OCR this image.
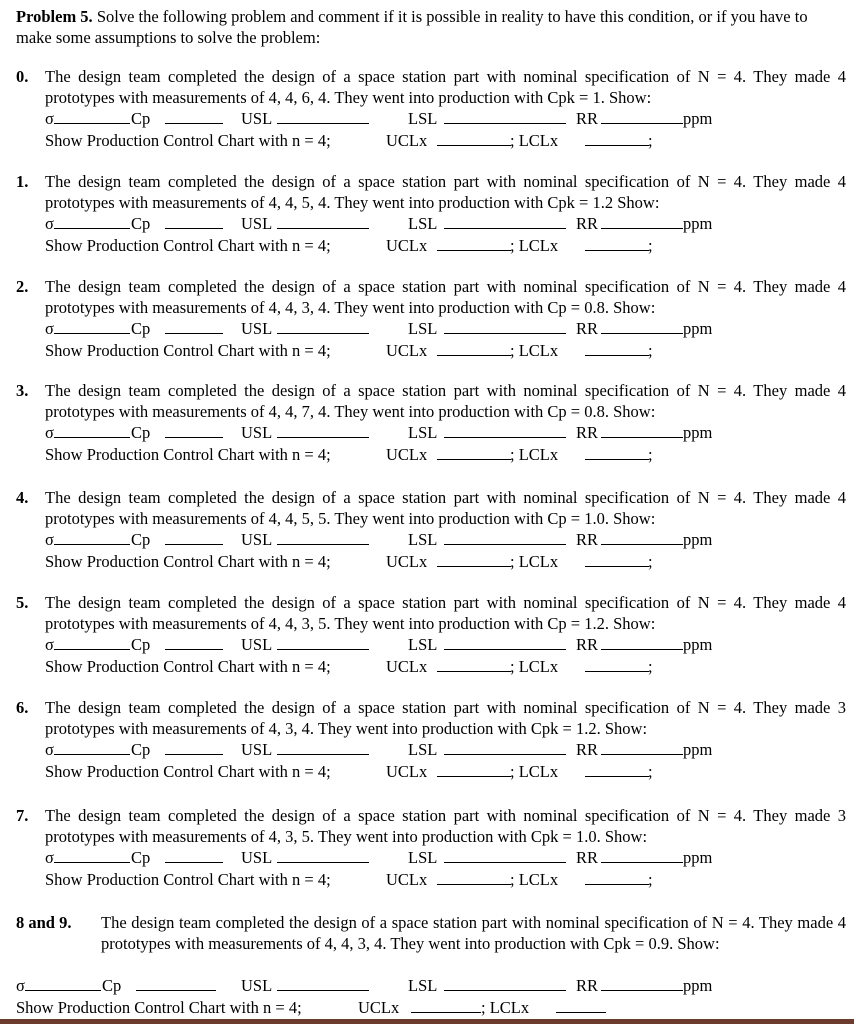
Problem 5. Solve the following problem and comment if it is possible in reality to have this condition, or if you have to make some assumptions to solve the problem:
0. The design team completed the design of a space station part with nominal specification of N = 4. They made 4 prototypes with measurements of 4, 4, 6, 4. They went into production with Cpk = 1. Show:
σ	Cp	USL	LSL	RR	ppm
Show Production Control Chart with n = 4;	UCLx	; LCLx	;
1. The design team completed the design of a space station part with nominal specification of N = 4. They made 4 prototypes with measurements of 4, 4, 5, 4. They went into production with Cpk = 1.2 Show:
σ	Cp	USL	LSL	RR	ppm
Show Production Control Chart with n = 4;	UCLx	; LCLx	;
2. The design team completed the design of a space station part with nominal specification of N = 4. They made 4 prototypes with measurements of 4, 4, 3, 4. They went into production with Cp = 0.8. Show:
σ	Cp	USL	LSL	RR	ppm
Show Production Control Chart with n = 4;	UCLx	; LCLx	;
3. The design team completed the design of a space station part with nominal specification of N = 4. They made 4 prototypes with measurements of 4, 4, 7, 4. They went into production with Cp = 0.8. Show:
σ	Cp	USL	LSL	RR	ppm
Show Production Control Chart with n = 4;	UCLx	; LCLx	;
4. The design team completed the design of a space station part with nominal specification of N = 4. They made 4 prototypes with measurements of 4, 4, 5, 5. They went into production with Cp = 1.0. Show:
σ	Cp	USL	LSL	RR	ppm
Show Production Control Chart with n = 4;	UCLx	; LCLx	;
5. The design team completed the design of a space station part with nominal specification of N = 4. They made 4 prototypes with measurements of 4, 4, 3, 5. They went into production with Cp = 1.2. Show:
σ	Cp	USL	LSL	RR	ppm
Show Production Control Chart with n = 4;	UCLx	; LCLx	;
6. The design team completed the design of a space station part with nominal specification of N = 4. They made 3 prototypes with measurements of 4, 3, 4. They went into production with Cpk = 1.2. Show:
σ	Cp	USL	LSL	RR	ppm
Show Production Control Chart with n = 4;	UCLx	; LCLx	;
7. The design team completed the design of a space station part with nominal specification of N = 4. They made 3 prototypes with measurements of 4, 3, 5. They went into production with Cpk = 1.0. Show:
σ	Cp	USL	LSL	RR	ppm
Show Production Control Chart with n = 4;	UCLx	; LCLx	;
8 and 9. The design team completed the design of a space station part with nominal specification of N = 4. They made 4 prototypes with measurements of 4, 4, 3, 4. They went into production with Cpk = 0.9. Show:
σ	Cp	USL	LSL	RR	ppm
Show Production Control Chart with n = 4;	UCLx	; LCLx
